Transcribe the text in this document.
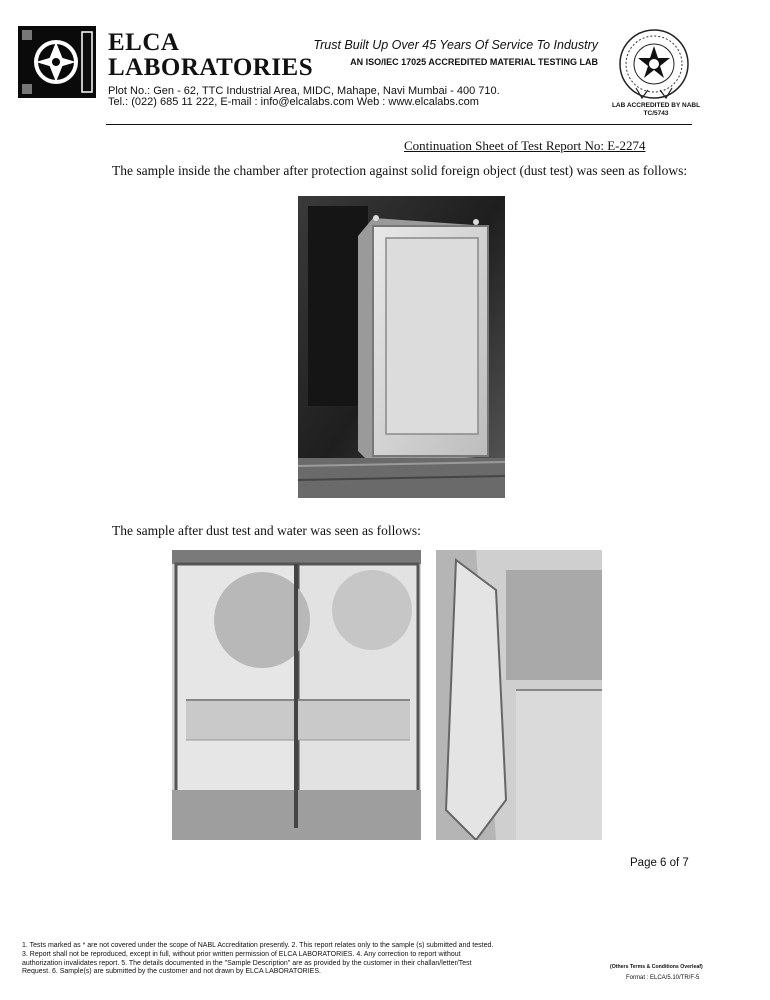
ELCA
LABORATORIES
Trust Built Up Over 45 Years Of Service To Industry
AN ISO/IEC 17025 ACCREDITED MATERIAL TESTING LAB
Plot No.: Gen - 62, TTC Industrial Area, MIDC, Mahape, Navi Mumbai - 400 710.
Tel.: (022) 685 11 222, E-mail : info@elcalabs.com Web : www.elcalabs.com	LAB ACCREDITED BY NABL
TC/5743
Continuation Sheet of Test Report No: E-2274
The sample inside the chamber after protection against solid foreign object (dust test) was seen as follows:
The sample after dust test and water was seen as follows:
Page 6 of 7
1. Tests marked as * are not covered under the scope of NABL Accreditation presently. 2. This report relates only to the sample (s) submitted and tested.
3. Report shall not be reproduced, except in full, without prior written permission of ELCA LABORATORIES. 4. Any correction to report without
authorization invalidates report. 5. The details documented in the "Sample Description" are as provided by the customer in their challan/letter/Test
Request. 6. Sample(s) are submitted by the customer and not drawn by ELCA LABORATORIES.
(Others Terms & Conditions Overleaf)
Format : ELCA/5.10/TR/F-5
